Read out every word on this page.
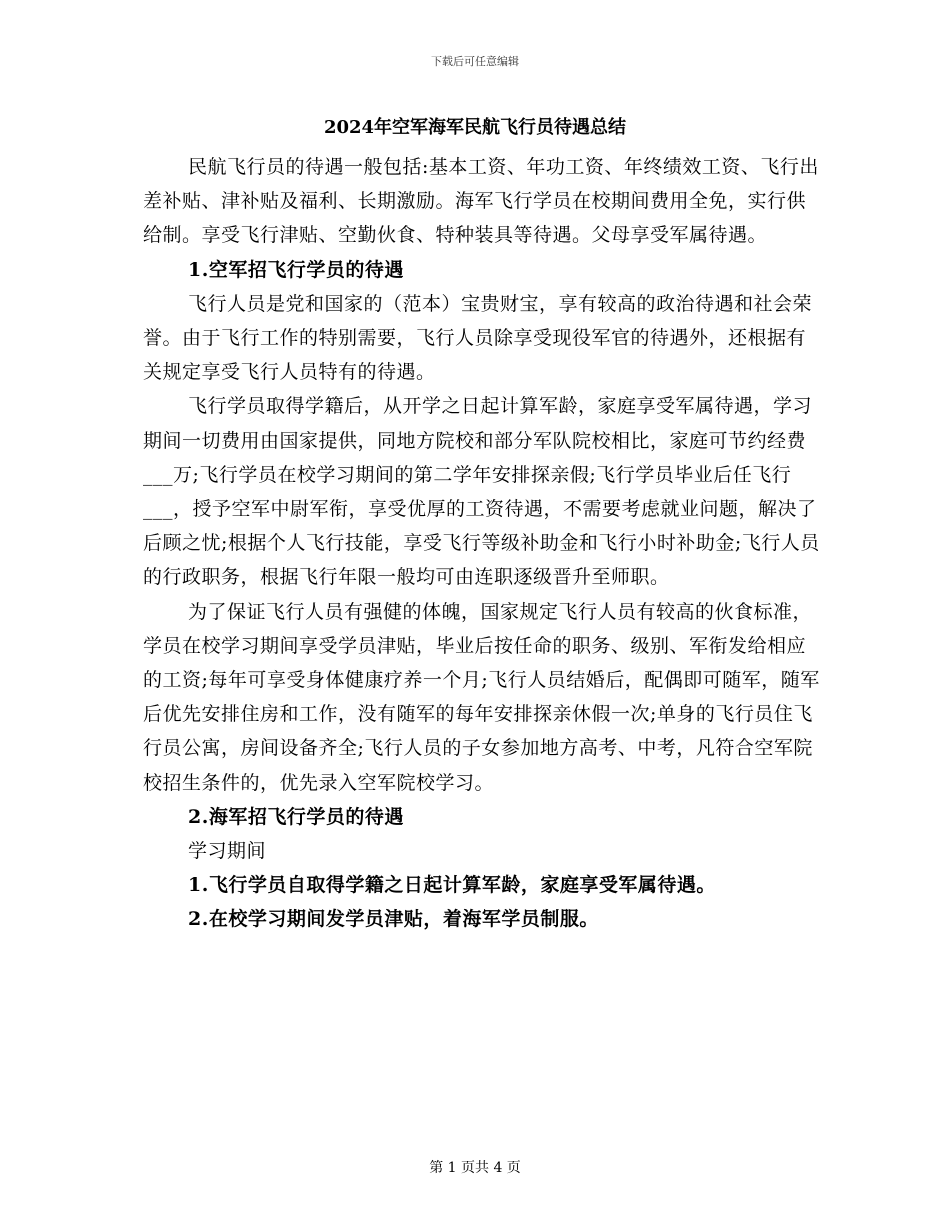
下载后可任意编辑
2024年空军海军民航飞行员待遇总结

民航飞行员的待遇一般包括:基本工资、年功工资、年终绩效工资、飞行出差补贴、津补贴及福利、长期激励。海军飞行学员在校期间费用全免，实行供给制。享受飞行津贴、空勤伙食、特种装具等待遇。父母享受军属待遇。

1.空军招飞行学员的待遇

飞行人员是党和国家的（范本）宝贵财宝，享有较高的政治待遇和社会荣誉。由于飞行工作的特别需要，飞行人员除享受现役军官的待遇外，还根据有关规定享受飞行人员特有的待遇。

飞行学员取得学籍后，从开学之日起计算军龄，家庭享受军属待遇，学习期间一切费用由国家提供，同地方院校和部分军队院校相比，家庭可节约经费___万;飞行学员在校学习期间的第二学年安排探亲假;飞行学员毕业后任飞行___，授予空军中尉军衔，享受优厚的工资待遇，不需要考虑就业问题，解决了后顾之忧;根据个人飞行技能，享受飞行等级补助金和飞行小时补助金;飞行人员的行政职务，根据飞行年限一般均可由连职逐级晋升至师职。

为了保证飞行人员有强健的体魄，国家规定飞行人员有较高的伙食标准，学员在校学习期间享受学员津贴，毕业后按任命的职务、级别、军衔发给相应的工资;每年可享受身体健康疗养一个月;飞行人员结婚后，配偶即可随军，随军后优先安排住房和工作，没有随军的每年安排探亲休假一次;单身的飞行员住飞行员公寓，房间设备齐全;飞行人员的子女参加地方高考、中考，凡符合空军院校招生条件的，优先录入空军院校学习。

2.海军招飞行学员的待遇

学习期间

1.飞行学员自取得学籍之日起计算军龄，家庭享受军属待遇。

2.在校学习期间发学员津贴，着海军学员制服。

第 1 页共 4 页
